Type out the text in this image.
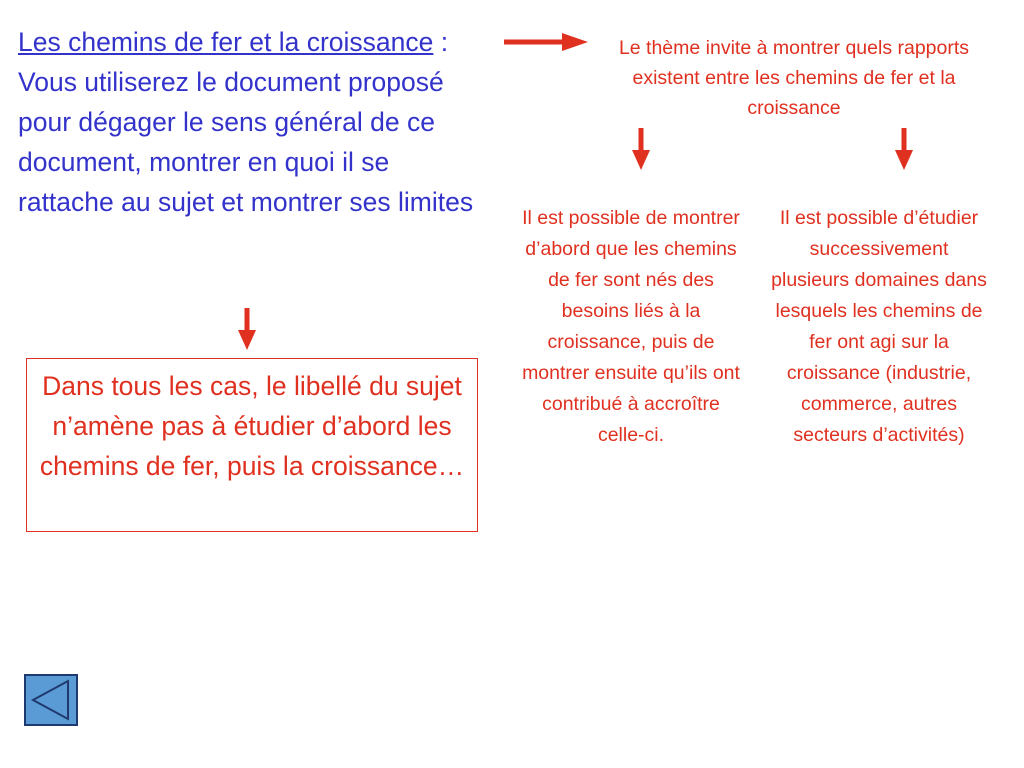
Les chemins de fer et la croissance : Vous utiliserez le document proposé pour dégager le sens général de ce document, montrer en quoi il se rattache au sujet et montrer ses limites
Dans tous les cas, le libellé du sujet n’amène pas à étudier d’abord les chemins de fer, puis la croissance…
Le thème invite à montrer quels rapports existent entre les chemins de fer et la croissance
Il est possible de montrer d’abord que les chemins de fer sont nés des besoins liés à la croissance, puis de montrer ensuite qu’ils ont contribué à accroître celle-ci.
Il est possible d’étudier successivement plusieurs domaines dans lesquels les chemins de fer ont agi sur la croissance (industrie, commerce, autres secteurs d’activités)
